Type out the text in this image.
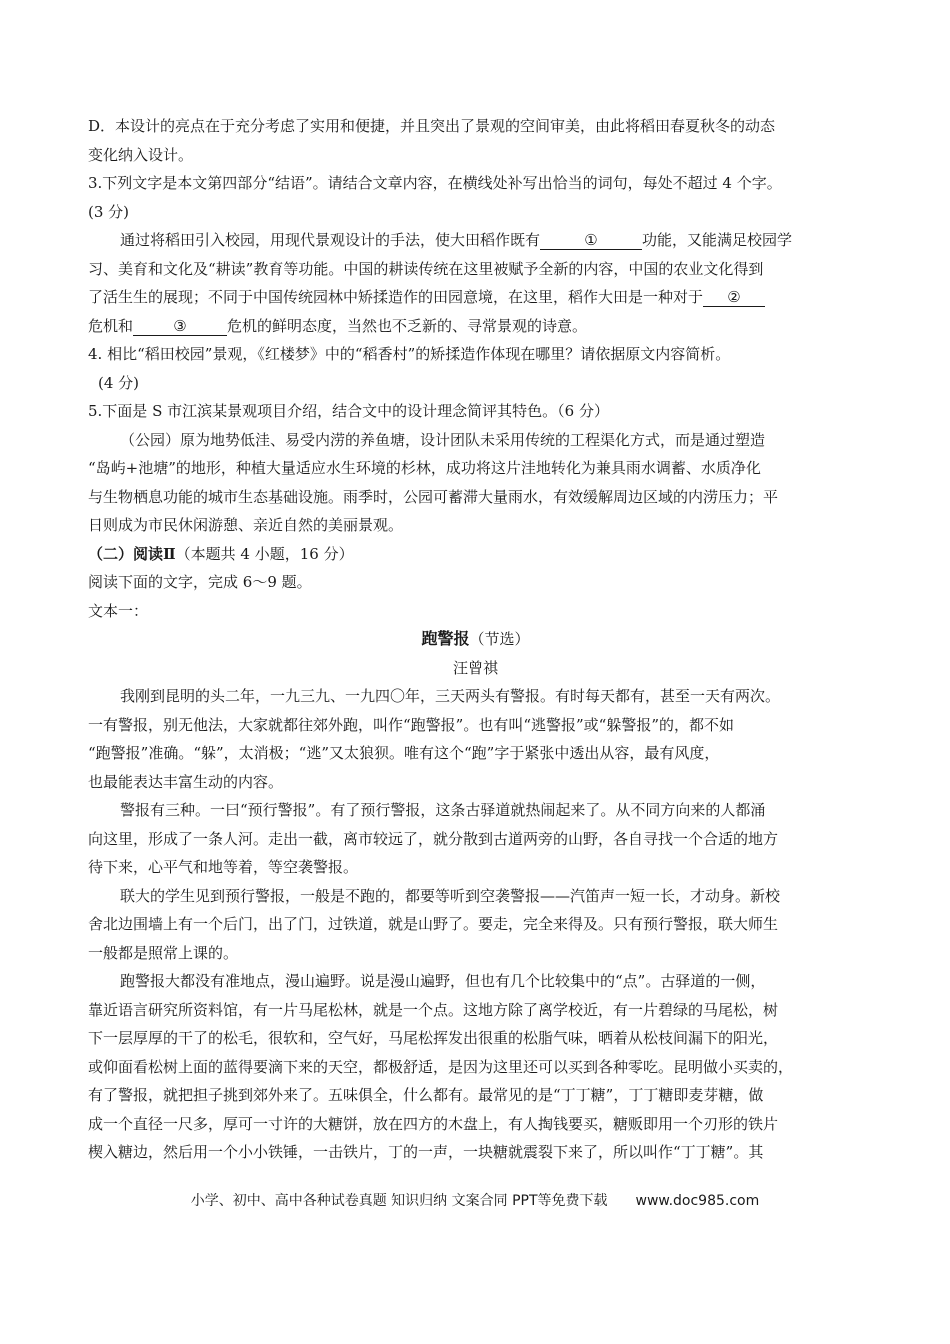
D．本设计的亮点在于充分考虑了实用和便捷，并且突出了景观的空间审美，由此将稻田春夏秋冬的动态
变化纳入设计。
3.下列文字是本文第四部分“结语”。请结合文章内容，在横线处补写出恰当的词句，每处不超过 4 个字。
(3 分)
通过将稻田引入校园，用现代景观设计的手法，使大田稻作既有	①	功能，又能满足校园学
习、美育和文化及“耕读”教育等功能。中国的耕读传统在这里被赋予全新的内容，中国的农业文化得到
了活生生的展现；不同于中国传统园林中矫揉造作的田园意境，在这里，稻作大田是一种对于 ②
危机和	③	危机的鲜明态度，当然也不乏新的、寻常景观的诗意。
4. 相比“稻田校园”景观，《红楼梦》中的“稻香村”的矫揉造作体现在哪里？请依据原文内容简析。
(4 分)
5.下面是 S 市江滨某景观项目介绍，结合文中的设计理念简评其特色。（6 分）
（公园）原为地势低洼、易受内涝的养鱼塘，设计团队未采用传统的工程渠化方式，而是通过塑造
“岛屿+池塘”的地形，种植大量适应水生环境的杉林，成功将这片洼地转化为兼具雨水调蓄、水质净化
与生物栖息功能的城市生态基础设施。雨季时，公园可蓄滞大量雨水，有效缓解周边区域的内涝压力；平
日则成为市民休闲游憩、亲近自然的美丽景观。
（二）阅读Ⅱ（本题共 4 小题，16 分）
阅读下面的文字，完成 6～9 题。
文本一：
跑警报（节选）
汪曾祺
我刚到昆明的头二年，一九三九、一九四〇年，三天两头有警报。有时每天都有，甚至一天有两次。
一有警报，别无他法，大家就都往郊外跑，叫作“跑警报”。也有叫“逃警报”或“躲警报”的，都不如
“跑警报”准确。“躲”，太消极；“逃”又太狼狈。唯有这个“跑”字于紧张中透出从容，最有风度，
也最能表达丰富生动的内容。
警报有三种。一曰“预行警报”。有了预行警报，这条古驿道就热闹起来了。从不同方向来的人都涌
向这里，形成了一条人河。走出一截，离市较远了，就分散到古道两旁的山野，各自寻找一个合适的地方
待下来，心平气和地等着，等空袭警报。
联大的学生见到预行警报，一般是不跑的，都要等听到空袭警报——汽笛声一短一长，才动身。新校
舍北边围墙上有一个后门，出了门，过铁道，就是山野了。要走，完全来得及。只有预行警报，联大师生
一般都是照常上课的。
跑警报大都没有准地点，漫山遍野。说是漫山遍野，但也有几个比较集中的“点”。古驿道的一侧，
靠近语言研究所资料馆，有一片马尾松林，就是一个点。这地方除了离学校近，有一片碧绿的马尾松，树
下一层厚厚的干了的松毛，很软和，空气好，马尾松挥发出很重的松脂气味，晒着从松枝间漏下的阳光，
或仰面看松树上面的蓝得要滴下来的天空，都极舒适，是因为这里还可以买到各种零吃。昆明做小买卖的，
有了警报，就把担子挑到郊外来了。五味俱全，什么都有。最常见的是“丁丁糖”，丁丁糖即麦芽糖，做
成一个直径一尺多，厚可一寸许的大糖饼，放在四方的木盘上，有人掏钱要买，糖贩即用一个刃形的铁片
楔入糖边，然后用一个小小铁锤，一击铁片，丁的一声，一块糖就震裂下来了，所以叫作“丁丁糖”。其
小学、初中、高中各种试卷真题 知识归纳 文案合同 PPT等免费下载 www.doc985.com
